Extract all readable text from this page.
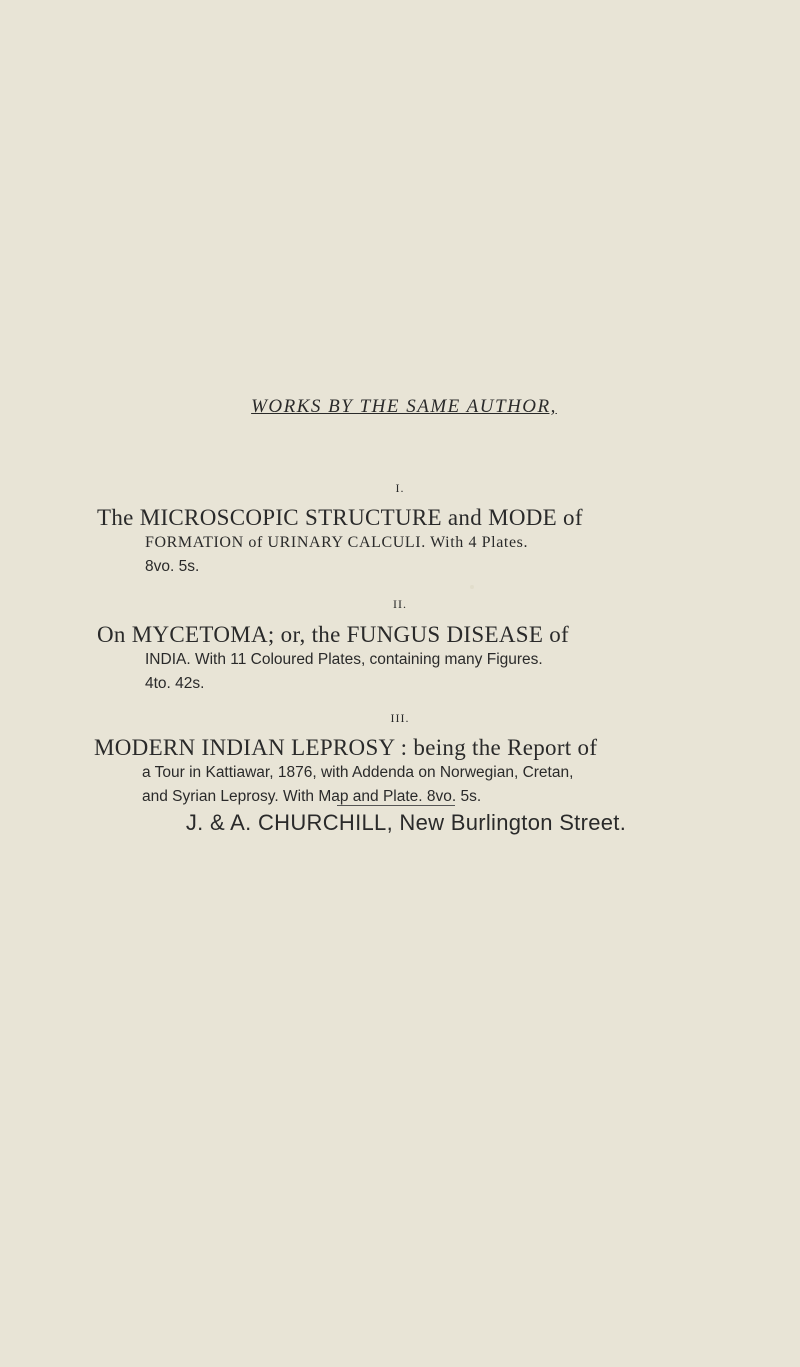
WORKS BY THE SAME AUTHOR,
I.
The MICROSCOPIC STRUCTURE and MODE of
FORMATION of URINARY CALCULI. With 4 Plates.
8vo. 5s.
II.
On MYCETOMA; or, the FUNGUS DISEASE of
INDIA. With 11 Coloured Plates, containing many Figures.
4to. 42s.
III.
MODERN INDIAN LEPROSY : being the Report of
a Tour in Kattiawar, 1876, with Addenda on Norwegian, Cretan,
and Syrian Leprosy. With Map and Plate. 8vo. 5s.
J. & A. CHURCHILL, New Burlington Street.
